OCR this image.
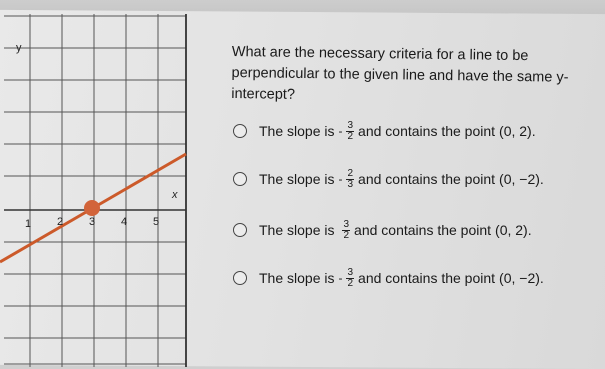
y
x
1 2 3 4 5
What are the necessary criteria for a line to be perpendicular to the given line and have the same y-intercept?
The slope is - $\frac{3}{2}$ and contains the point (0, 2).
The slope is - $\frac{2}{3}$ and contains the point (0, −2).
The slope is $\frac{3}{2}$ and contains the point (0, 2).
The slope is - $\frac{3}{2}$ and contains the point (0, −2).
